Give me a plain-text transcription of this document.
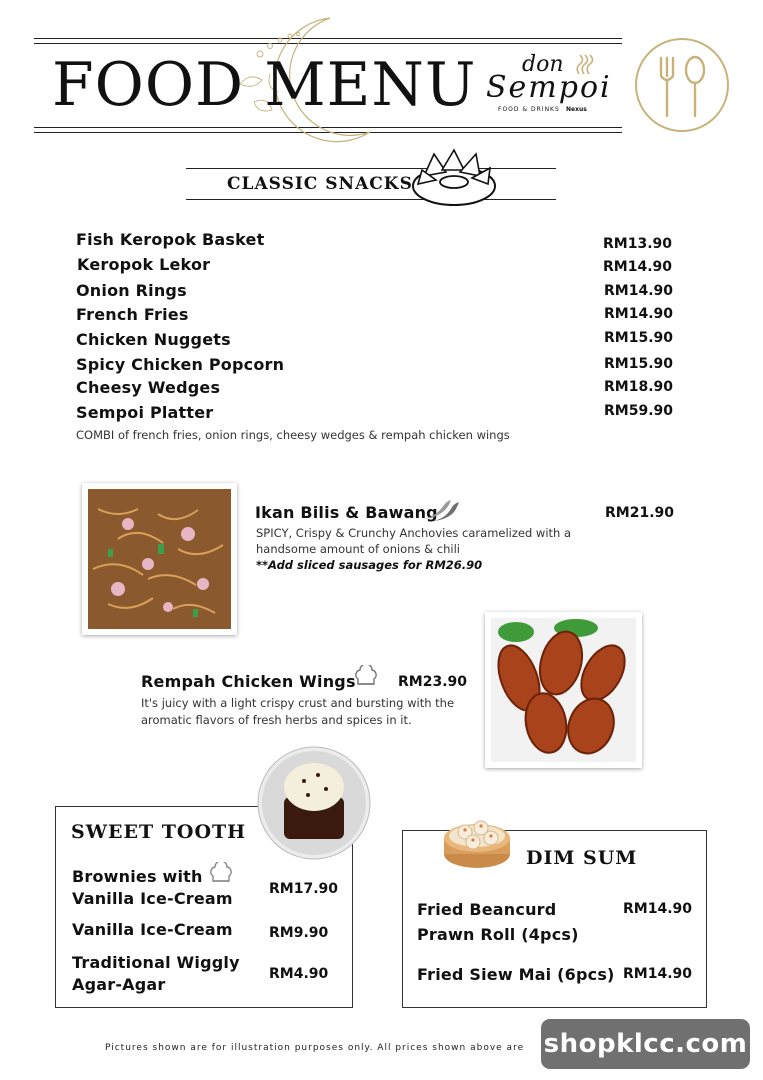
FOOD MENU don
Sempoi
FOOD & DRINKS Nexus
CLASSIC SNACKS
Fish Keropok Basket	RM13.90
Keropok Lekor	RM14.90
Onion Rings	RM14.90
French Fries	RM14.90
Chicken Nuggets	RM15.90
Spicy Chicken Popcorn	RM15.90
Cheesy Wedges	RM18.90
Sempoi Platter	RM59.90
COMBI of french fries, onion rings, cheesy wedges & rempah chicken wings
Ikan Bilis & Bawang	RM21.90
SPICY, Crispy & Crunchy Anchovies caramelized with a
handsome amount of onions & chili
**Add sliced sausages for RM26.90
Rempah Chicken Wings	RM23.90
It's juicy with a light crispy crust and bursting with the
aromatic flavors of fresh herbs and spices in it.
SWEET TOOTH
Brownies with
Vanilla Ice-Cream	RM17.90
Vanilla Ice-Cream	RM9.90
Traditional Wiggly
Agar-Agar
RM4.90
DIM SUM
Fried Beancurd
Prawn Roll (4pcs)
RM14.90
Fried Siew Mai (6pcs) RM14.90
Pictures shown are for illustration purposes only. All prices shown above are shopklcc.com
